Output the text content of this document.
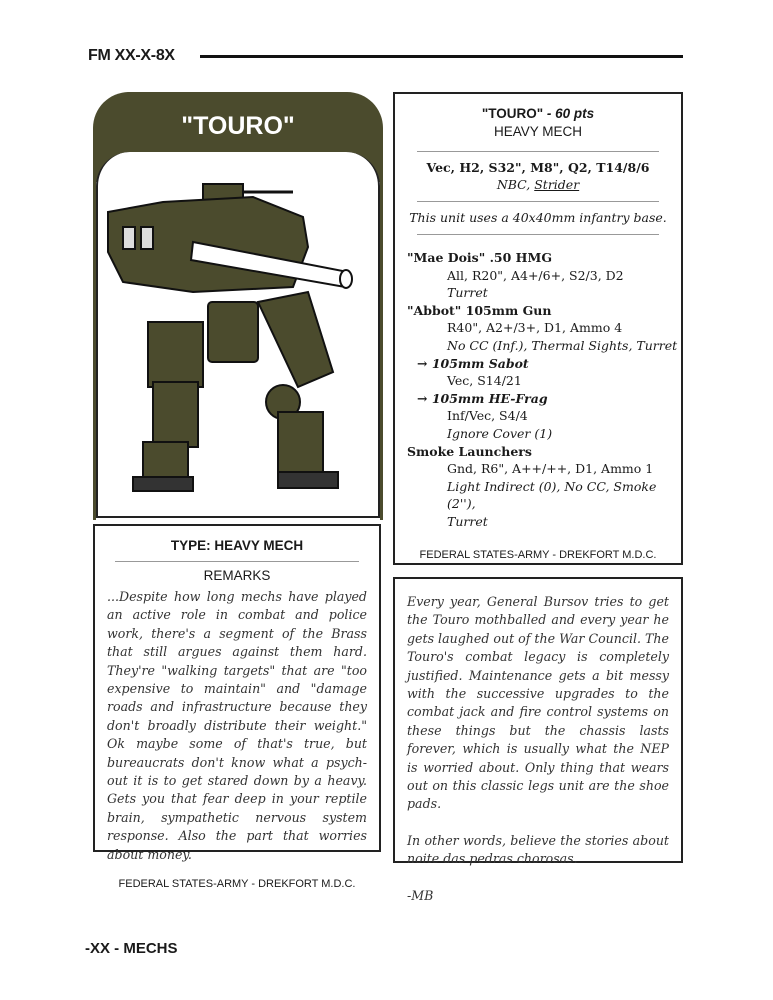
FM XX-X-8X
"TOURO"	"TOURO" - 60 pts
HEAVY MECH
Vec, H2, S32", M8", Q2, T14/8/6
NBC, Strider
This unit uses a 40x40mm infantry base.
"Mae Dois" .50 HMG
All, R20", A4+/6+, S2/3, D2
Turret
"Abbot" 105mm Gun
R40", A2+/3+, D1, Ammo 4
No CC (Inf.), Thermal Sights, Turret
→ 105mm Sabot
Vec, S14/21
→ 105mm HE-Frag
Inf/Vec, S4/4
Ignore Cover (1)
Smoke Launchers
Gnd, R6", A++/++, D1, Ammo 1
Light Indirect (0), No CC, Smoke (2''),
Turret
FEDERAL STATES-ARMY - DREKFORT M.D.C.
TYPE: HEAVY MECH
REMARKS
...Despite how long mechs have played an active role in combat and police work, there's a segment of the Brass that still argues against them hard. They're "walking targets" that are "too expensive to maintain" and "damage roads and infrastructure because they don't broadly distribute their weight." Ok maybe some of that's true, but bureaucrats don't know what a psych-out it is to get stared down by a heavy. Gets you that fear deep in your reptile brain, sympathetic nervous system response. Also the part that worries about money.
FEDERAL STATES-ARMY - DREKFORT M.D.C.
Every year, General Bursov tries to get the Touro mothballed and every year he gets laughed out of the War Council. The Touro's combat legacy is completely justified. Maintenance gets a bit messy with the successive upgrades to the combat jack and fire control systems on these things but the chassis lasts forever, which is usually what the NEP is worried about. Only thing that wears out on this classic legs unit are the shoe pads.
In other words, believe the stories about noite das pedras chorosas.
-MB
-XX - MECHS
